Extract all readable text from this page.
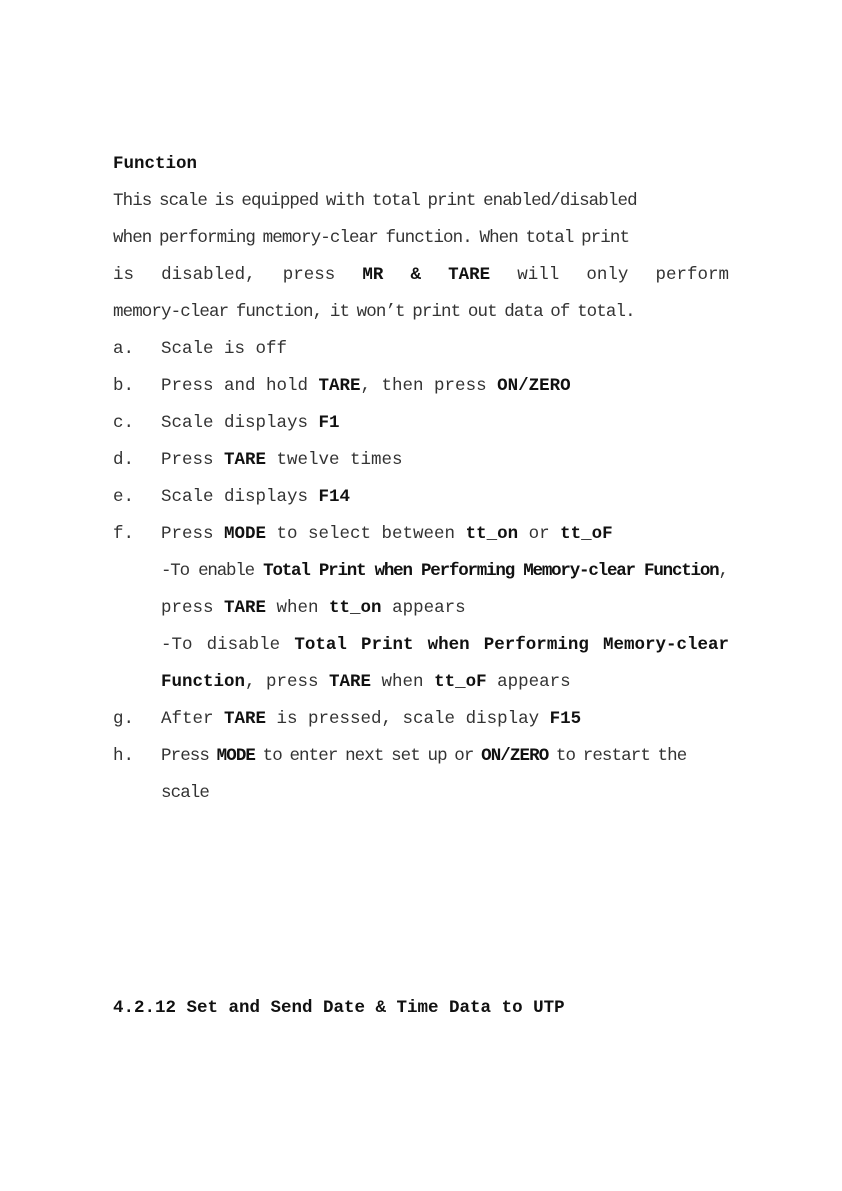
Function

This scale is equipped with total print enabled/disabled
when performing memory-clear function. When total print

is disabled, press MR & TARE will only perform
memory-clear function, it won’t print out data of total.

a.	Scale is off
b.	Press and hold TARE, then press ON/ZERO
c.	Scale displays F1
d.	Press TARE twelve times
e.	Scale displays F14
f.	Press MODE to select between tt_on or tt_oF
-To enable Total Print when Performing Memory-clear Function, press TARE when tt_on appears
-To disable Total Print when Performing Memory-clear Function, press TARE when tt_oF appears
g.	After TARE is pressed, scale display F15
h.	Press MODE to enter next set up or ON/ZERO to restart the scale
4.2.12 Set and Send Date & Time Data to UTP
